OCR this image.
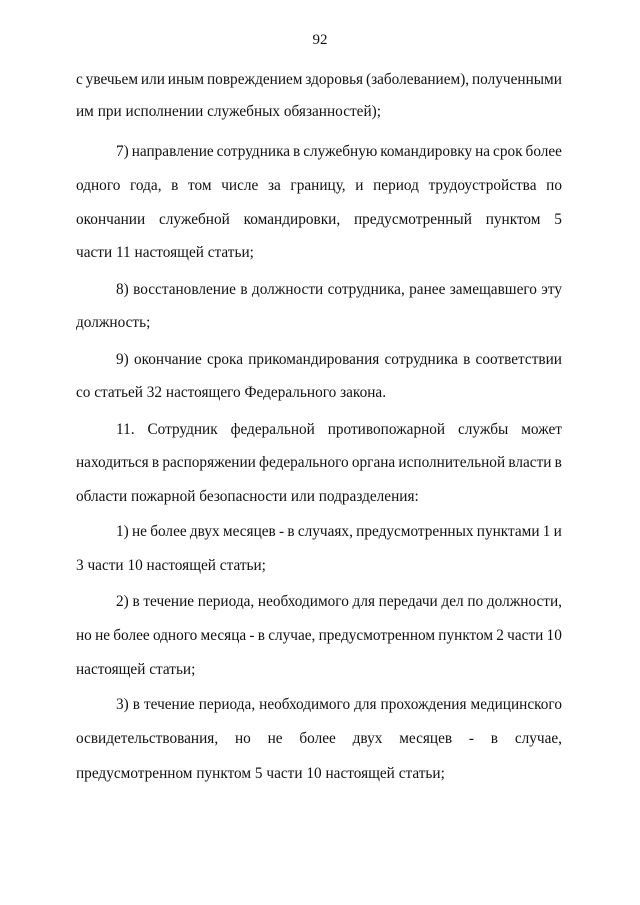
92
с увечьем или иным повреждением здоровья (заболеванием), полученными
им при исполнении служебных обязанностей);
7) направление сотрудника в служебную командировку на срок более
одного года, в том числе за границу, и период трудоустройства по
окончании служебной командировки, предусмотренный пунктом 5
части 11 настоящей статьи;
8) восстановление в должности сотрудника, ранее замещавшего эту
должность;
9) окончание срока прикомандирования сотрудника в соответствии
со статьей 32 настоящего Федерального закона.
11. Сотрудник федеральной противопожарной службы может
находиться в распоряжении федерального органа исполнительной власти в
области пожарной безопасности или подразделения:
1) не более двух месяцев - в случаях, предусмотренных пунктами 1 и
3 части 10 настоящей статьи;
2) в течение периода, необходимого для передачи дел по должности,
но не более одного месяца - в случае, предусмотренном пунктом 2 части 10
настоящей статьи;
3) в течение периода, необходимого для прохождения медицинского
освидетельствования, но не более двух месяцев - в случае,
предусмотренном пунктом 5 части 10 настоящей статьи;
